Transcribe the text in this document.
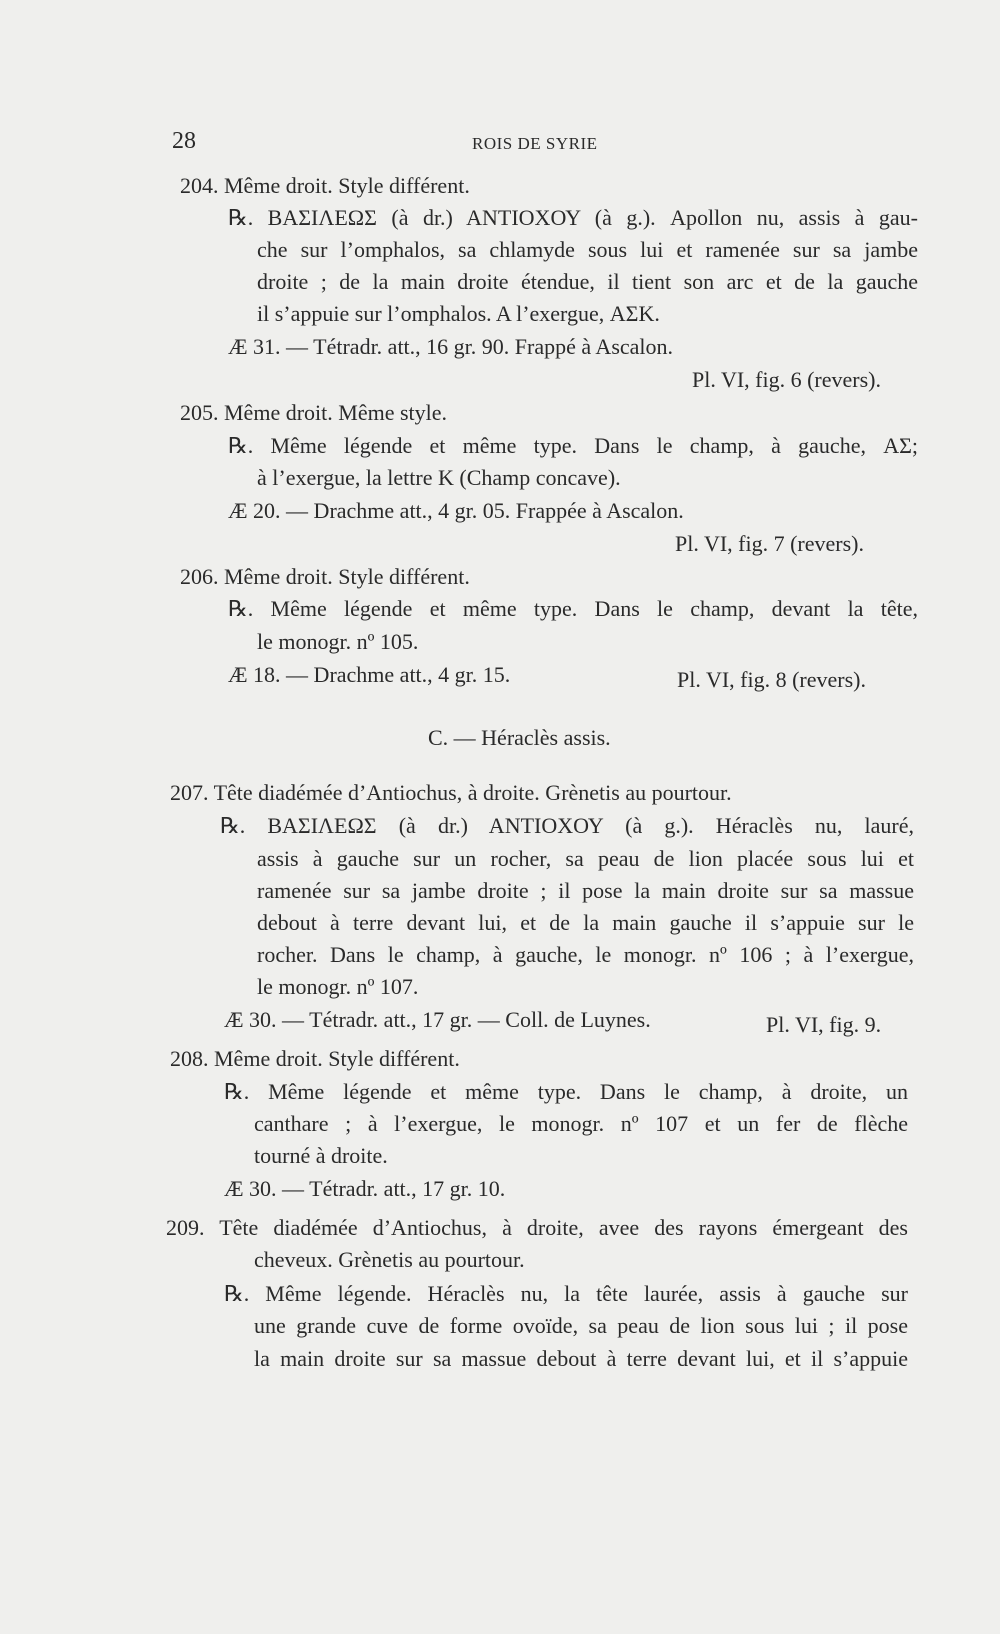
28	ROIS DE SYRIE
204. Même droit. Style différent.
℞. ΒΑΣΙΛΕΩΣ (à dr.) ΑΝΤΙΟΧΟΥ (à g.). Apollon nu, assis à gau-
che sur l’omphalos, sa chlamyde sous lui et ramenée sur sa jambe
droite ; de la main droite étendue, il tient son arc et de la gauche
il s’appuie sur l’omphalos. A l’exergue, ΑΣΚ.
Æ 31. — Tétradr. att., 16 gr. 90. Frappé à Ascalon.
Pl. VI, fig. 6 (revers).
205. Même droit. Même style.
℞. Même légende et même type. Dans le champ, à gauche, ΑΣ;
à l’exergue, la lettre Κ (Champ concave).
Æ 20. — Drachme att., 4 gr. 05. Frappée à Ascalon.
Pl. VI, fig. 7 (revers).
206. Même droit. Style différent.
℞. Même légende et même type. Dans le champ, devant la tête,
le monogr. nº 105.
Æ 18. — Drachme att., 4 gr. 15.	Pl. VI, fig. 8 (revers).
C. — Héraclès assis.
207. Tête diadémée d’Antiochus, à droite. Grènetis au pourtour.
℞. ΒΑΣΙΛΕΩΣ (à dr.) ΑΝΤΙΟΧΟΥ (à g.). Héraclès nu, lauré,
assis à gauche sur un rocher, sa peau de lion placée sous lui et
ramenée sur sa jambe droite ; il pose la main droite sur sa massue
debout à terre devant lui, et de la main gauche il s’appuie sur le
rocher. Dans le champ, à gauche, le monogr. nº 106 ; à l’exergue,
le monogr. nº 107.
Æ 30. — Tétradr. att., 17 gr. — Coll. de Luynes.	Pl. VI, fig. 9.
208. Même droit. Style différent.
℞. Même légende et même type. Dans le champ, à droite, un
canthare ; à l’exergue, le monogr. nº 107 et un fer de flèche
tourné à droite.
Æ 30. — Tétradr. att., 17 gr. 10.
209. Tête diadémée d’Antiochus, à droite, avee des rayons émergeant des
cheveux. Grènetis au pourtour.
℞. Même légende. Héraclès nu, la tête laurée, assis à gauche sur
une grande cuve de forme ovoïde, sa peau de lion sous lui ; il pose
la main droite sur sa massue debout à terre devant lui, et il s’appuie
